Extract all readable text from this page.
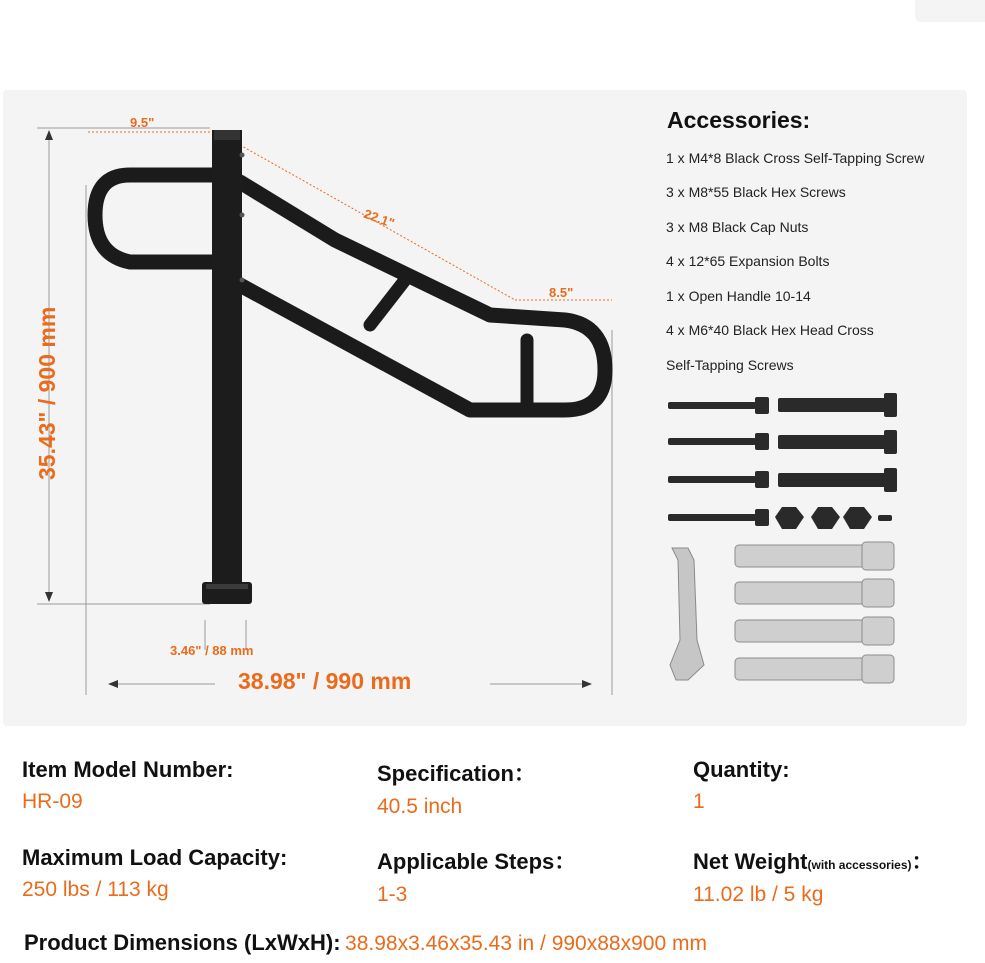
9.5"
22.1"
8.5"
3.46" / 88 mm
38.98" / 990 mm
35.43" / 900 mm
Accessories:
1 x M4*8 Black Cross Self-Tapping Screw
3 x M8*55 Black Hex Screws
3 x M8 Black Cap Nuts
4 x 12*65 Expansion Bolts
1 x Open Handle 10-14
4 x M6*40 Black Hex Head Cross
Self-Tapping Screws
Item Model Number:
HR-09
Specification：
40.5 inch
Quantity:
1
Maximum Load Capacity:
250 lbs / 113 kg
Applicable Steps：
1-3
Net Weight(with accessories)：
11.02 lb / 5 kg
Product Dimensions (LxWxH): 38.98x3.46x35.43 in / 990x88x900 mm
